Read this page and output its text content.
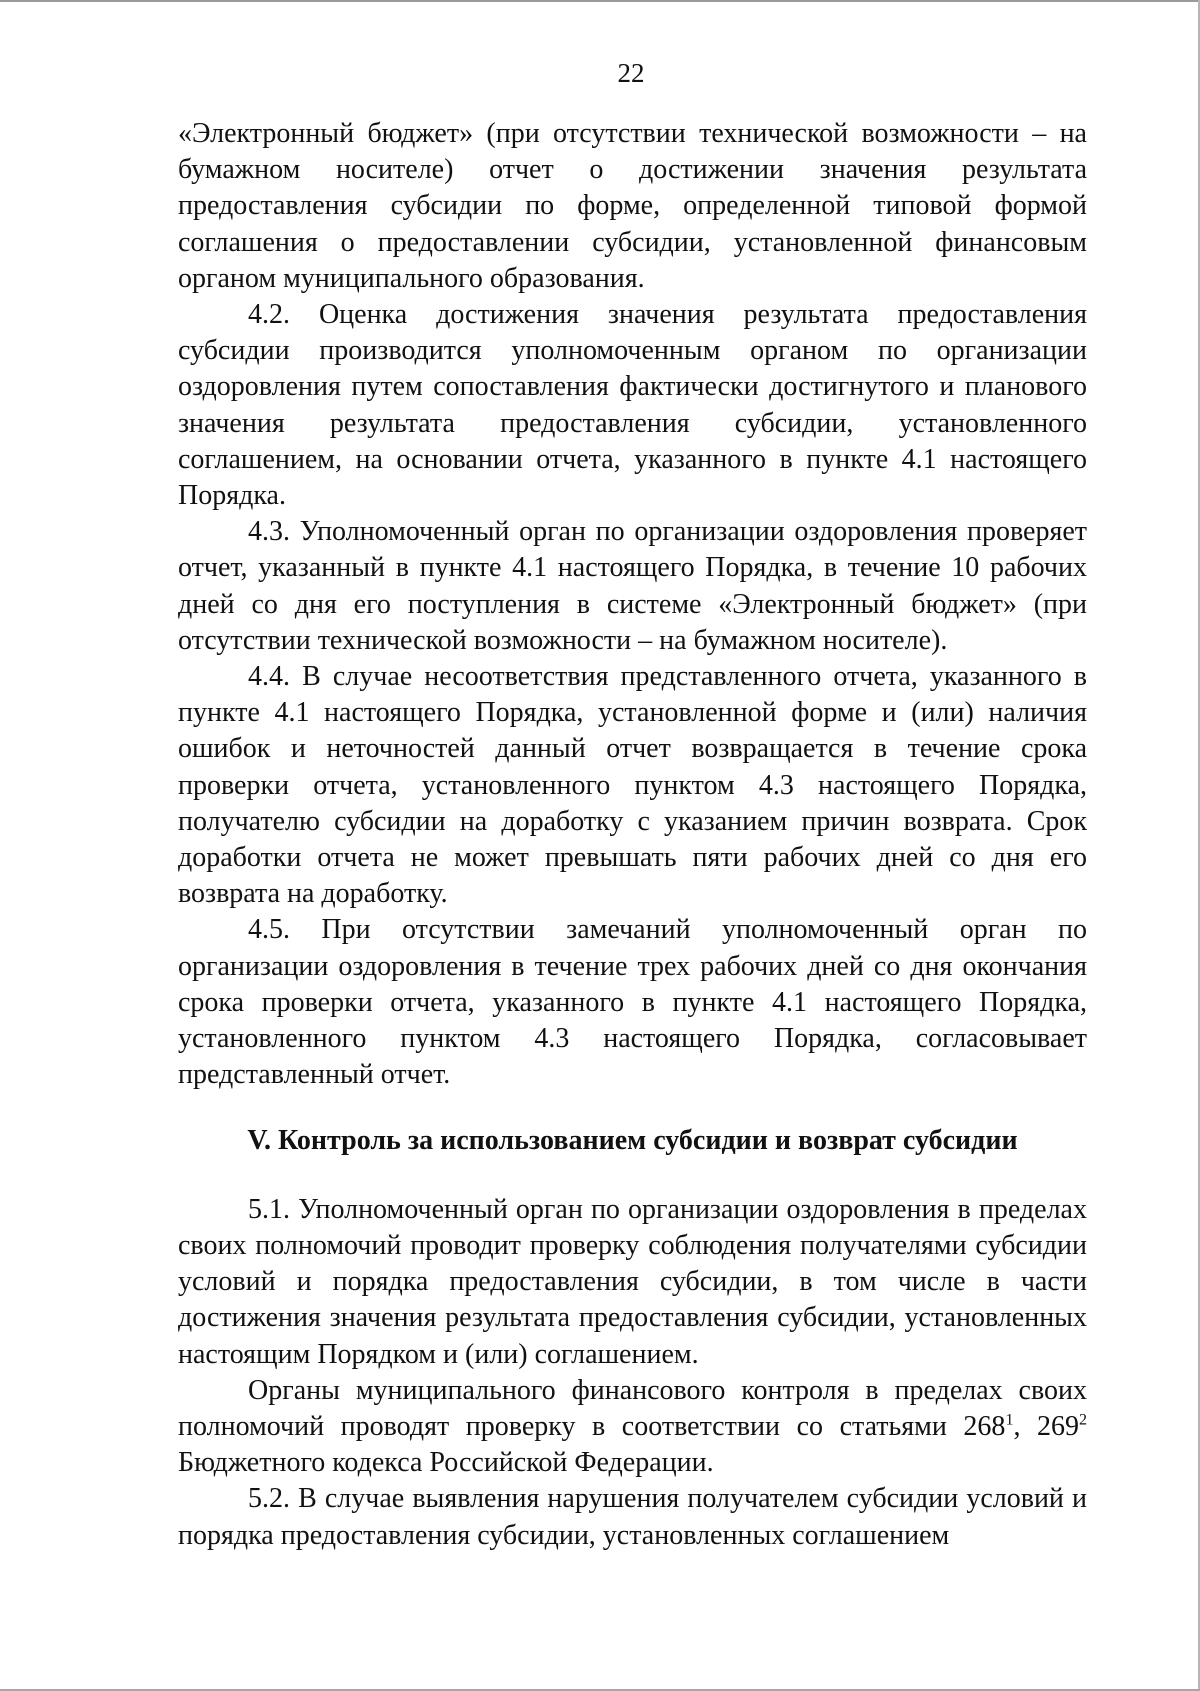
22

«Электронный бюджет» (при отсутствии технической возможности – на бумажном носителе) отчет о достижении значения результата предоставления субсидии по форме, определенной типовой формой соглашения о предоставлении субсидии, установленной финансовым органом муниципального образования.

4.2. Оценка достижения значения результата предоставления субсидии производится уполномоченным органом по организации оздоровления путем сопоставления фактически достигнутого и планового значения результата предоставления субсидии, установленного соглашением, на основании отчета, указанного в пункте 4.1 настоящего Порядка.

4.3. Уполномоченный орган по организации оздоровления проверяет отчет, указанный в пункте 4.1 настоящего Порядка, в течение 10 рабочих дней со дня его поступления в системе «Электронный бюджет» (при отсутствии технической возможности – на бумажном носителе).

4.4. В случае несоответствия представленного отчета, указанного в пункте 4.1 настоящего Порядка, установленной форме и (или) наличия ошибок и неточностей данный отчет возвращается в течение срока проверки отчета, установленного пунктом 4.3 настоящего Порядка, получателю субсидии на доработку с указанием причин возврата. Срок доработки отчета не может превышать пяти рабочих дней со дня его возврата на доработку.

4.5. При отсутствии замечаний уполномоченный орган по организации оздоровления в течение трех рабочих дней со дня окончания срока проверки отчета, указанного в пункте 4.1 настоящего Порядка, установленного пунктом 4.3 настоящего Порядка, согласовывает представленный отчет.

V. Контроль за использованием субсидии и возврат субсидии

5.1. Уполномоченный орган по организации оздоровления в пределах своих полномочий проводит проверку соблюдения получателями субсидии условий и порядка предоставления субсидии, в том числе в части достижения значения результата предоставления субсидии, установленных настоящим Порядком и (или) соглашением.

Органы муниципального финансового контроля в пределах своих полномочий проводят проверку в соответствии со статьями $268^1$, $269^2$ Бюджетного кодекса Российской Федерации.

5.2. В случае выявления нарушения получателем субсидии условий и порядка предоставления субсидии, установленных соглашением
